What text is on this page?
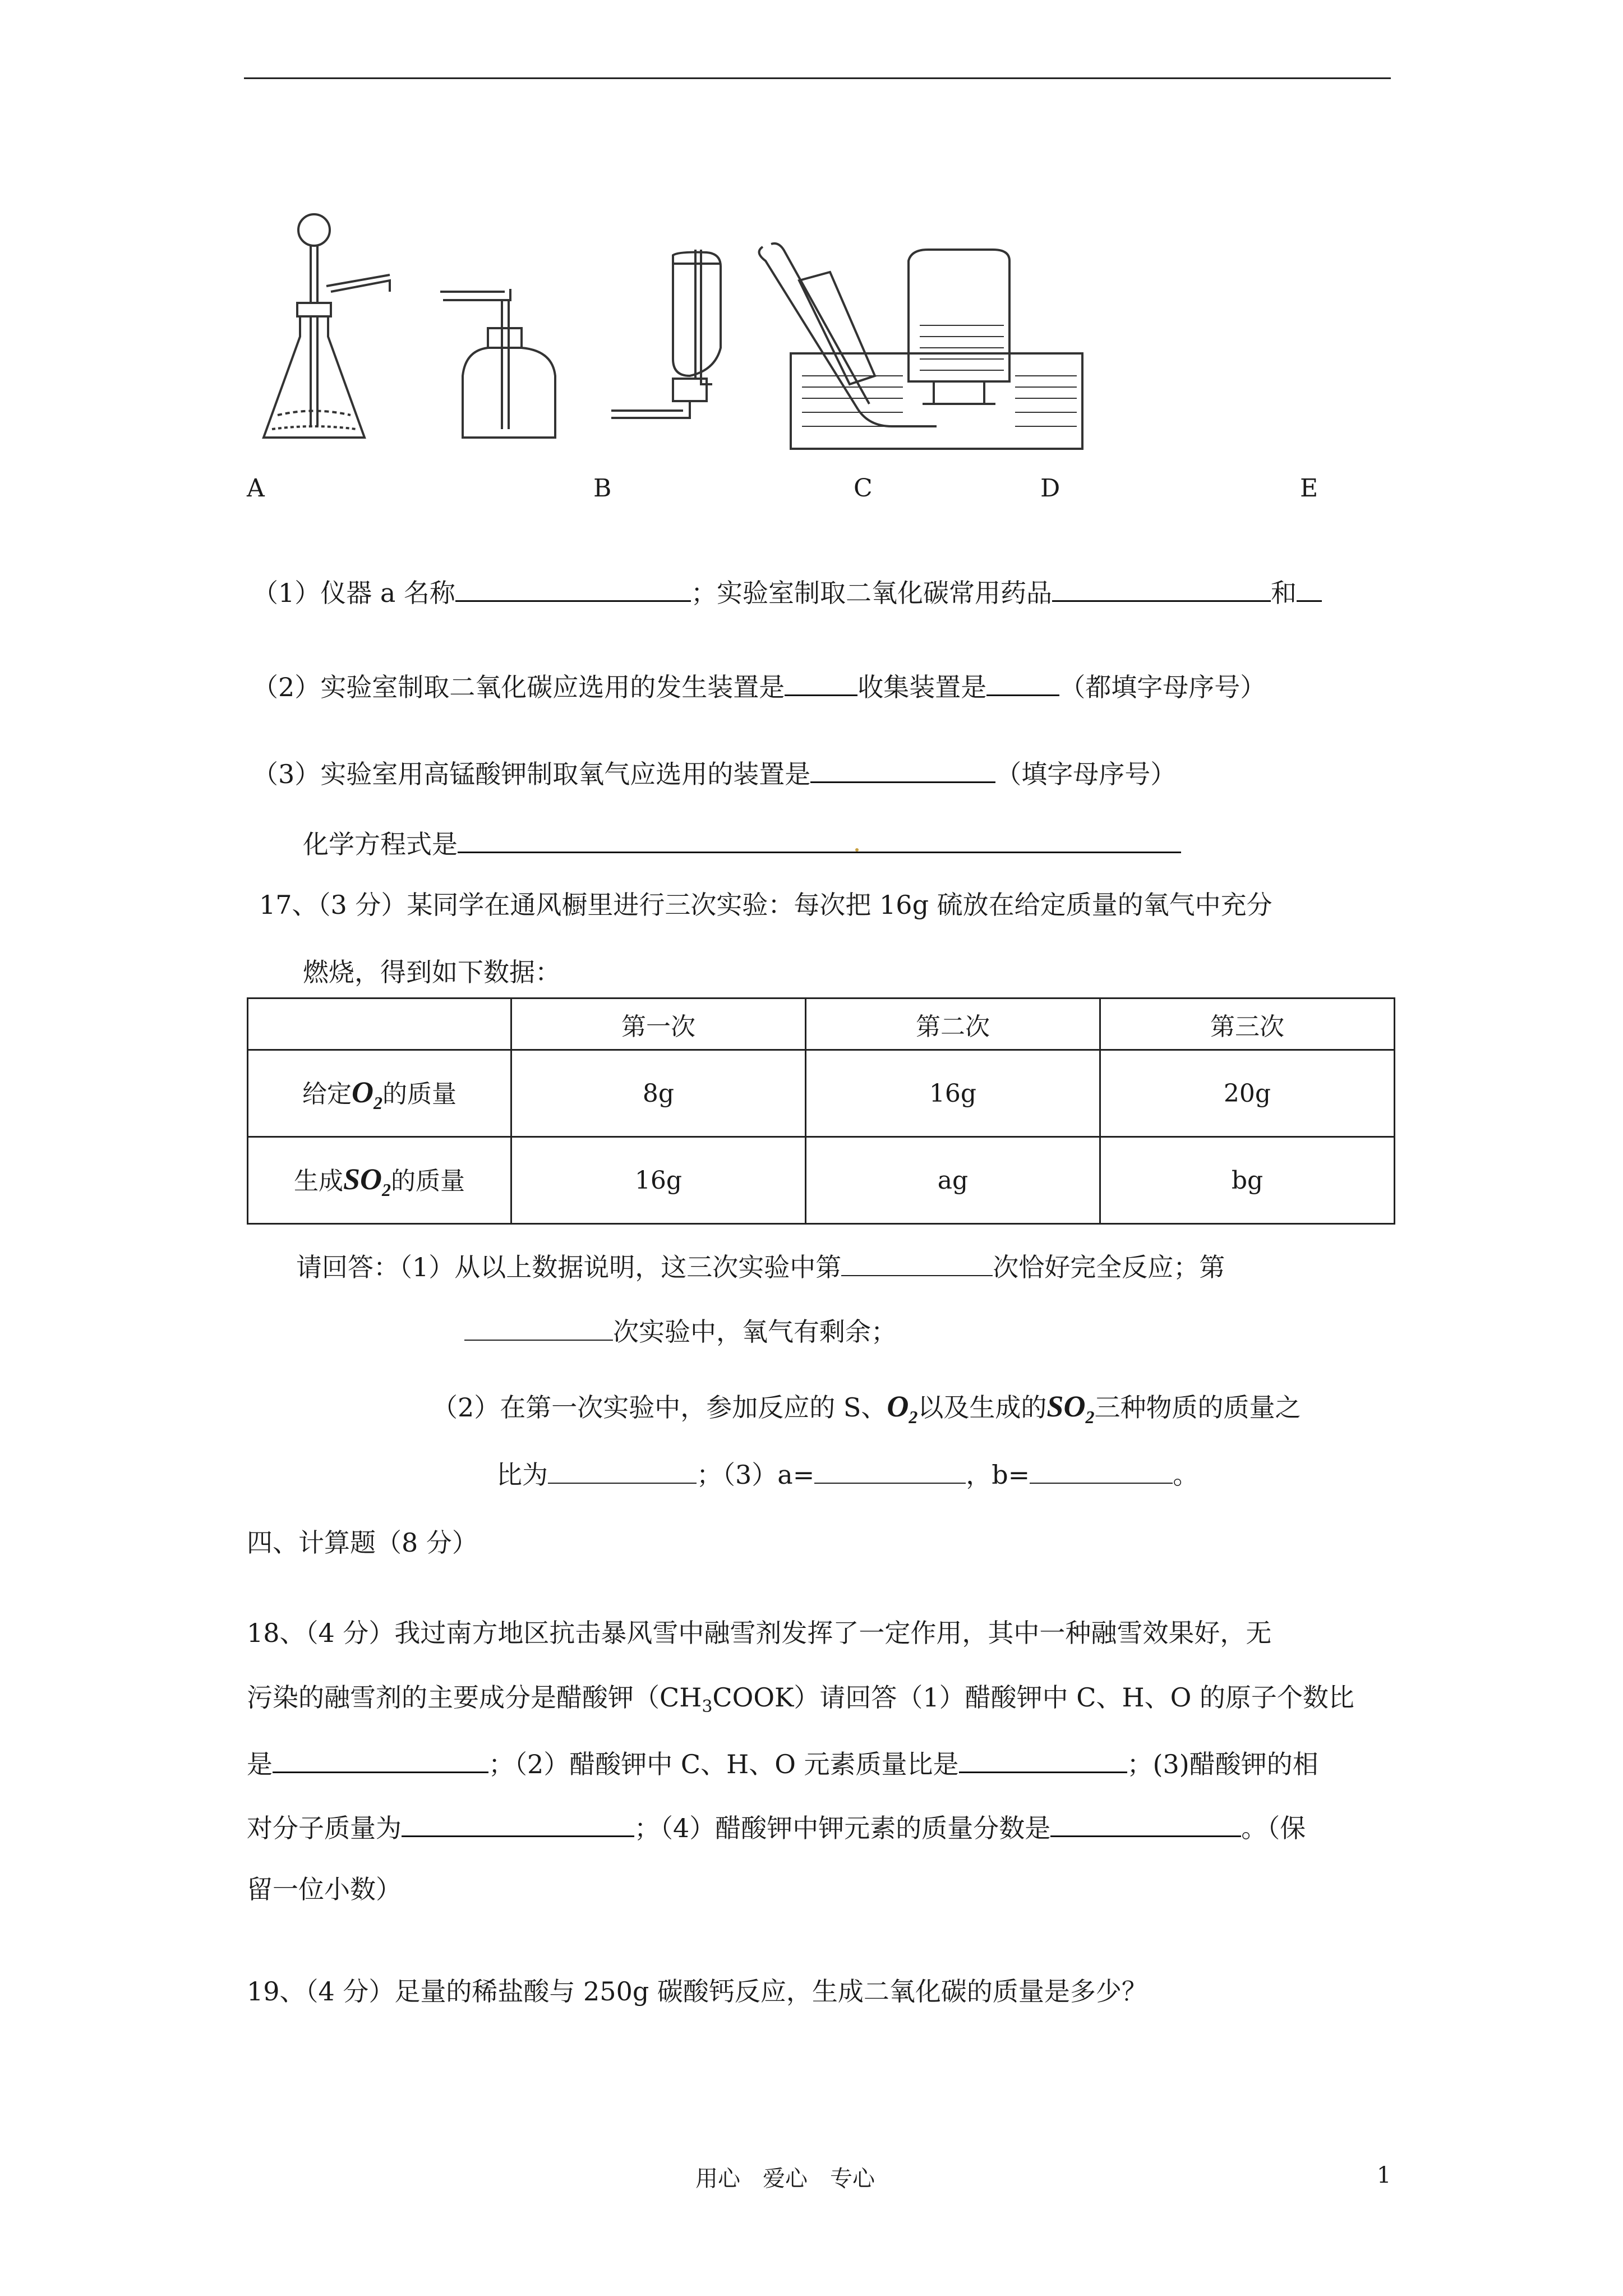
A	B	C	D	E
（1）仪器 a 名称	；实验室制取二氧化碳常用药品	和
（2）实验室制取二氧化碳应选用的发生装置是	收集装置是	（都填字母序号）
（3）实验室用高锰酸钾制取氧气应选用的装置是	（填字母序号）
化学方程式是
17、（3 分）某同学在通风橱里进行三次实验：每次把 16g 硫放在给定质量的氧气中充分
燃烧，得到如下数据：
	第一次	第二次	第三次
给定$O_2$的质量	8g	16g	20g
生成$SO_2$的质量	16g	ag	bg
请回答：（1）从以上数据说明，这三次实验中第	次恰好完全反应；第
次实验中，氧气有剩余；
（2）在第一次实验中，参加反应的 S、$O_2$以及生成的$SO_2$三种物质的质量之
比为	；（3）a=	，b=	。
四、计算题（8 分）
18、（4 分）我过南方地区抗击暴风雪中融雪剂发挥了一定作用，其中一种融雪效果好，无
污染的融雪剂的主要成分是醋酸钾$(CH_3COOK)$请回答（1）醋酸钾中 C、H、O 的原子个数比
是	；（2）醋酸钾中 C、H、O 元素质量比是	；(3)醋酸钾的相
对分子质量为	；（4）醋酸钾中钾元素的质量分数是	。（保
留一位小数）
19、（4 分）足量的稀盐酸与 250g 碳酸钙反应，生成二氧化碳的质量是多少？
用心　爱心　专心	1
